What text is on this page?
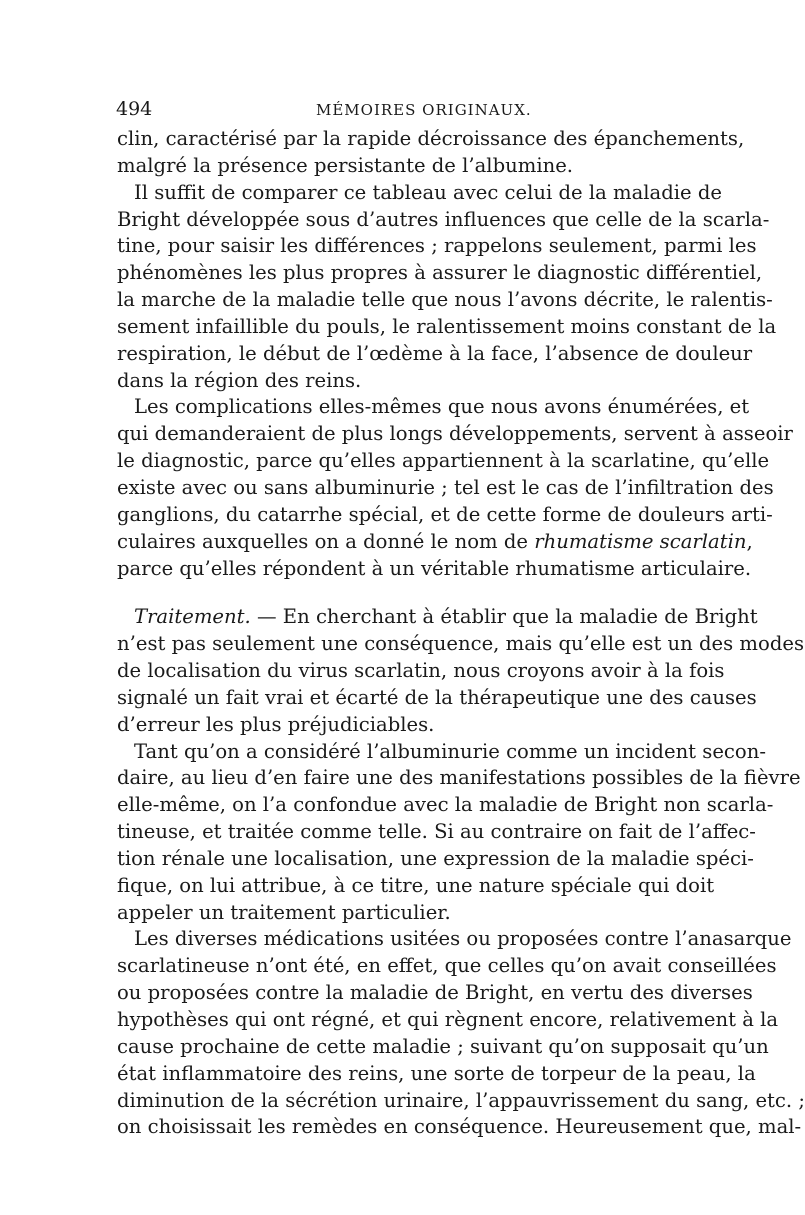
494	MÉMOIRES ORIGINAUX.
clin, caractérisé par la rapide décroissance des épanchements,
malgré la présence persistante de l’albumine.
Il suffit de comparer ce tableau avec celui de la maladie de
Bright développée sous d’autres influences que celle de la scarla-
tine, pour saisir les différences ; rappelons seulement, parmi les
phénomènes les plus propres à assurer le diagnostic différentiel,
la marche de la maladie telle que nous l’avons décrite, le ralentis-
sement infaillible du pouls, le ralentissement moins constant de la
respiration, le début de l’œdème à la face, l’absence de douleur
dans la région des reins.
Les complications elles-mêmes que nous avons énumérées, et
qui demanderaient de plus longs développements, servent à asseoir
le diagnostic, parce qu’elles appartiennent à la scarlatine, qu’elle
existe avec ou sans albuminurie ; tel est le cas de l’infiltration des
ganglions, du catarrhe spécial, et de cette forme de douleurs arti-
culaires auxquelles on a donné le nom de rhumatisme scarlatin,
parce qu’elles répondent à un véritable rhumatisme articulaire.
Traitement. — En cherchant à établir que la maladie de Bright
n’est pas seulement une conséquence, mais qu’elle est un des modes
de localisation du virus scarlatin, nous croyons avoir à la fois
signalé un fait vrai et écarté de la thérapeutique une des causes
d’erreur les plus préjudiciables.
Tant qu’on a considéré l’albuminurie comme un incident secon-
daire, au lieu d’en faire une des manifestations possibles de la fièvre
elle-même, on l’a confondue avec la maladie de Bright non scarla-
tineuse, et traitée comme telle. Si au contraire on fait de l’affec-
tion rénale une localisation, une expression de la maladie spéci-
fique, on lui attribue, à ce titre, une nature spéciale qui doit
appeler un traitement particulier.
Les diverses médications usitées ou proposées contre l’anasarque
scarlatineuse n’ont été, en effet, que celles qu’on avait conseillées
ou proposées contre la maladie de Bright, en vertu des diverses
hypothèses qui ont régné, et qui règnent encore, relativement à la
cause prochaine de cette maladie ; suivant qu’on supposait qu’un
état inflammatoire des reins, une sorte de torpeur de la peau, la
diminution de la sécrétion urinaire, l’appauvrissement du sang, etc. ;
on choisissait les remèdes en conséquence. Heureusement que, mal-
